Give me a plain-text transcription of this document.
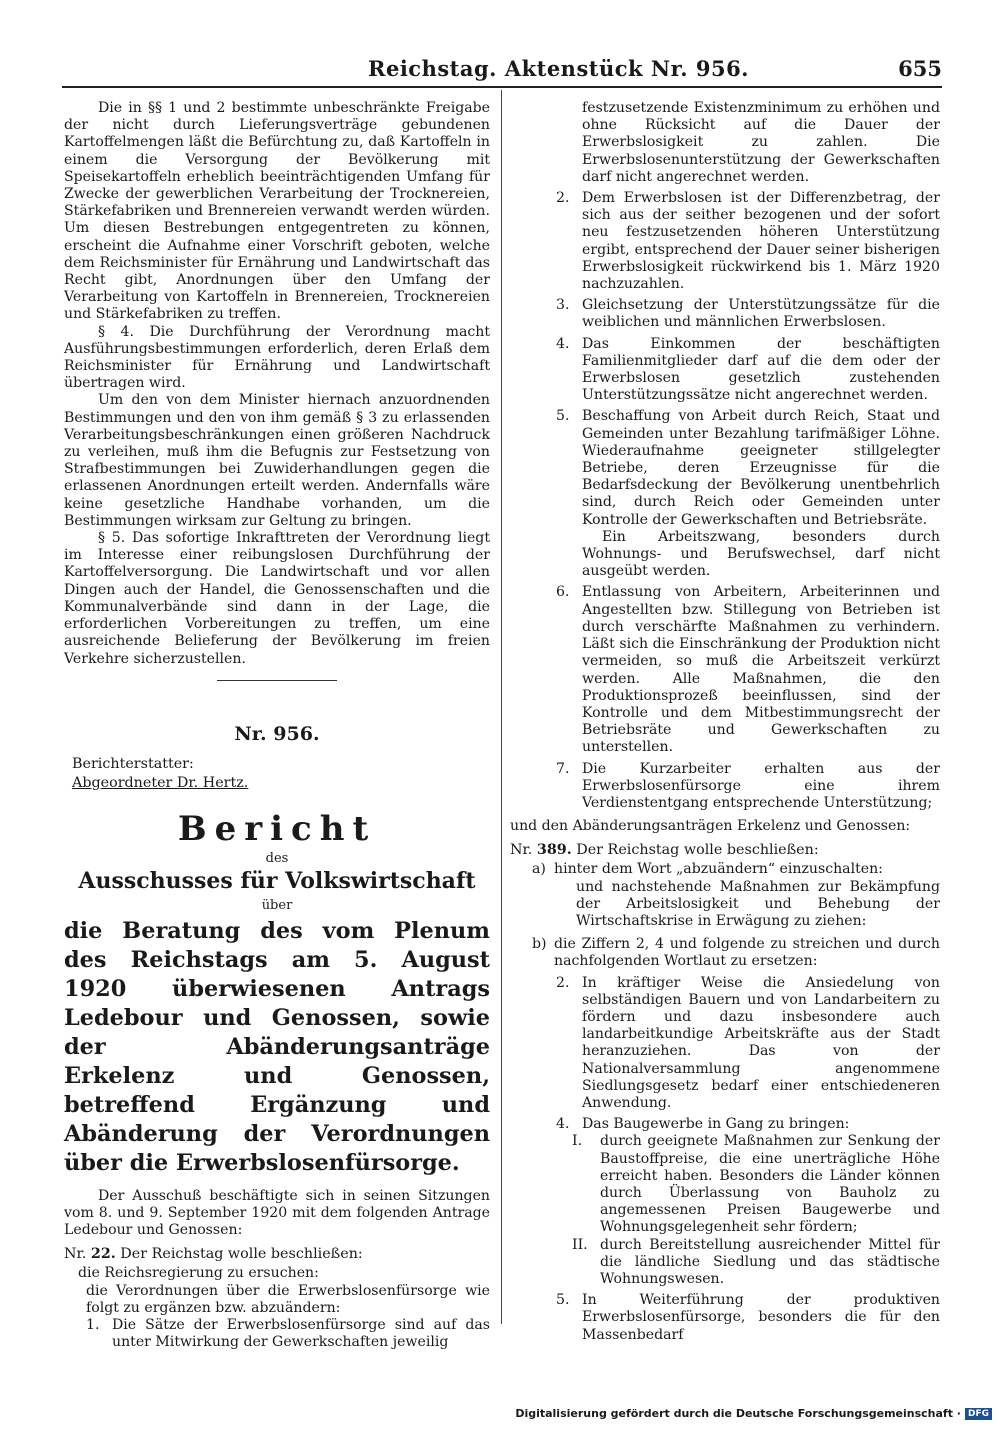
Reichstag. Aktenstück Nr. 956.	655

Die in §§ 1 und 2 bestimmte unbeschränkte Freigabe der nicht durch Lieferungsverträge gebundenen Kartoffelmengen läßt die Befürchtung zu, daß Kartoffeln in einem die Versorgung der Bevölkerung mit Speisekartoffeln erheblich beeinträchtigenden Umfang für Zwecke der gewerblichen Verarbeitung der Trocknereien, Stärkefabriken und Brennereien verwandt werden würden. Um diesen Bestrebungen entgegentreten zu können, erscheint die Aufnahme einer Vorschrift geboten, welche dem Reichsminister für Ernährung und Landwirtschaft das Recht gibt, Anordnungen über den Umfang der Verarbeitung von Kartoffeln in Brennereien, Trocknereien und Stärkefabriken zu treffen.

§ 4. Die Durchführung der Verordnung macht Ausführungsbestimmungen erforderlich, deren Erlaß dem Reichsminister für Ernährung und Landwirtschaft übertragen wird.

Um den von dem Minister hiernach anzuordnenden Bestimmungen und den von ihm gemäß § 3 zu erlassenden Verarbeitungsbeschränkungen einen größeren Nachdruck zu verleihen, muß ihm die Befugnis zur Festsetzung von Strafbestimmungen bei Zuwiderhandlungen gegen die erlassenen Anordnungen erteilt werden. Andernfalls wäre keine gesetzliche Handhabe vorhanden, um die Bestimmungen wirksam zur Geltung zu bringen.

§ 5. Das sofortige Inkrafttreten der Verordnung liegt im Interesse einer reibungslosen Durchführung der Kartoffelversorgung. Die Landwirtschaft und vor allen Dingen auch der Handel, die Genossenschaften und die Kommunalverbände sind dann in der Lage, die erforderlichen Vorbereitungen zu treffen, um eine ausreichende Belieferung der Bevölkerung im freien Verkehre sicherzustellen.

Nr. 956.
Berichterstatter:
Abgeordneter Dr. Hertz.
Bericht
des
Ausschusses für Volkswirtschaft
über

die Beratung des vom Plenum des Reichstags am 5. August 1920 überwiesenen Antrags Ledebour und Genossen, sowie der Abänderungsanträge Erkelenz und Genossen, betreffend Ergänzung und Abänderung der Verordnungen über die Erwerbslosenfürsorge.

Der Ausschuß beschäftigte sich in seinen Sitzungen vom 8. und 9. September 1920 mit dem folgenden Antrage Ledebour und Genossen:

Nr. 22. Der Reichstag wolle beschließen:

die Reichsregierung zu ersuchen:

die Verordnungen über die Erwerbslosenfürsorge wie folgt zu ergänzen bzw. abzuändern:

1. Die Sätze der Erwerbslosenfürsorge sind auf das unter Mitwirkung der Gewerkschaften jeweilig

festzusetzende Existenzminimum zu erhöhen und ohne Rücksicht auf die Dauer der Erwerbslosigkeit zu zahlen. Die Erwerbslosenunterstützung der Gewerkschaften darf nicht angerechnet werden.

2. Dem Erwerbslosen ist der Differenzbetrag, der sich aus der seither bezogenen und der sofort neu festzusetzenden höheren Unterstützung ergibt, entsprechend der Dauer seiner bisherigen Erwerbslosigkeit rückwirkend bis 1. März 1920 nachzuzahlen.
3. Gleichsetzung der Unterstützungssätze für die weiblichen und männlichen Erwerbslosen.
4. Das Einkommen der beschäftigten Familienmitglieder darf auf die dem oder der Erwerbslosen gesetzlich zustehenden Unterstützungssätze nicht angerechnet werden.
5. Beschaffung von Arbeit durch Reich, Staat und Gemeinden unter Bezahlung tarifmäßiger Löhne. Wiederaufnahme geeigneter stillgelegter Betriebe, deren Erzeugnisse für die Bedarfsdeckung der Bevölkerung unentbehrlich sind, durch Reich oder Gemeinden unter Kontrolle der Gewerkschaften und Betriebsräte.

Ein Arbeitszwang, besonders durch Wohnungs- und Berufswechsel, darf nicht ausgeübt werden.

6. Entlassung von Arbeitern, Arbeiterinnen und Angestellten bzw. Stillegung von Betrieben ist durch verschärfte Maßnahmen zu verhindern. Läßt sich die Einschränkung der Produktion nicht vermeiden, so muß die Arbeitszeit verkürzt werden. Alle Maßnahmen, die den Produktionsprozeß beeinflussen, sind der Kontrolle und dem Mitbestimmungsrecht der Betriebsräte und Gewerkschaften zu unterstellen.
7. Die Kurzarbeiter erhalten aus der Erwerbslosenfürsorge eine ihrem Verdienstentgang entsprechende Unterstützung;

und den Abänderungsanträgen Erkelenz und Genossen:

Nr. 389. Der Reichstag wolle beschließen:
a) hinter dem Wort „abzuändern“ einzuschalten:

und nachstehende Maßnahmen zur Bekämpfung der Arbeitslosigkeit und Behebung der Wirtschaftskrise in Erwägung zu ziehen:

b) die Ziffern 2, 4 und folgende zu streichen und durch nachfolgenden Wortlaut zu ersetzen:
2. In kräftiger Weise die Ansiedelung von selbständigen Bauern und von Landarbeitern zu fördern und dazu insbesondere auch landarbeitkundige Arbeitskräfte aus der Stadt heranzuziehen. Das von der Nationalversammlung angenommene Siedlungsgesetz bedarf einer entschiedeneren Anwendung.
4. Das Baugewerbe in Gang zu bringen:
I. durch geeignete Maßnahmen zur Senkung der Baustoffpreise, die eine unerträgliche Höhe erreicht haben. Besonders die Länder können durch Überlassung von Bauholz zu angemessenen Preisen Baugewerbe und Wohnungsgelegenheit sehr fördern;
II. durch Bereitstellung ausreichender Mittel für die ländliche Siedlung und das städtische Wohnungswesen.
5. In Weiterführung der produktiven Erwerbslosenfürsorge, besonders die für den Massenbedarf
Digitalisierung gefördert durch die Deutsche Forschungsgemeinschaft · DFG
